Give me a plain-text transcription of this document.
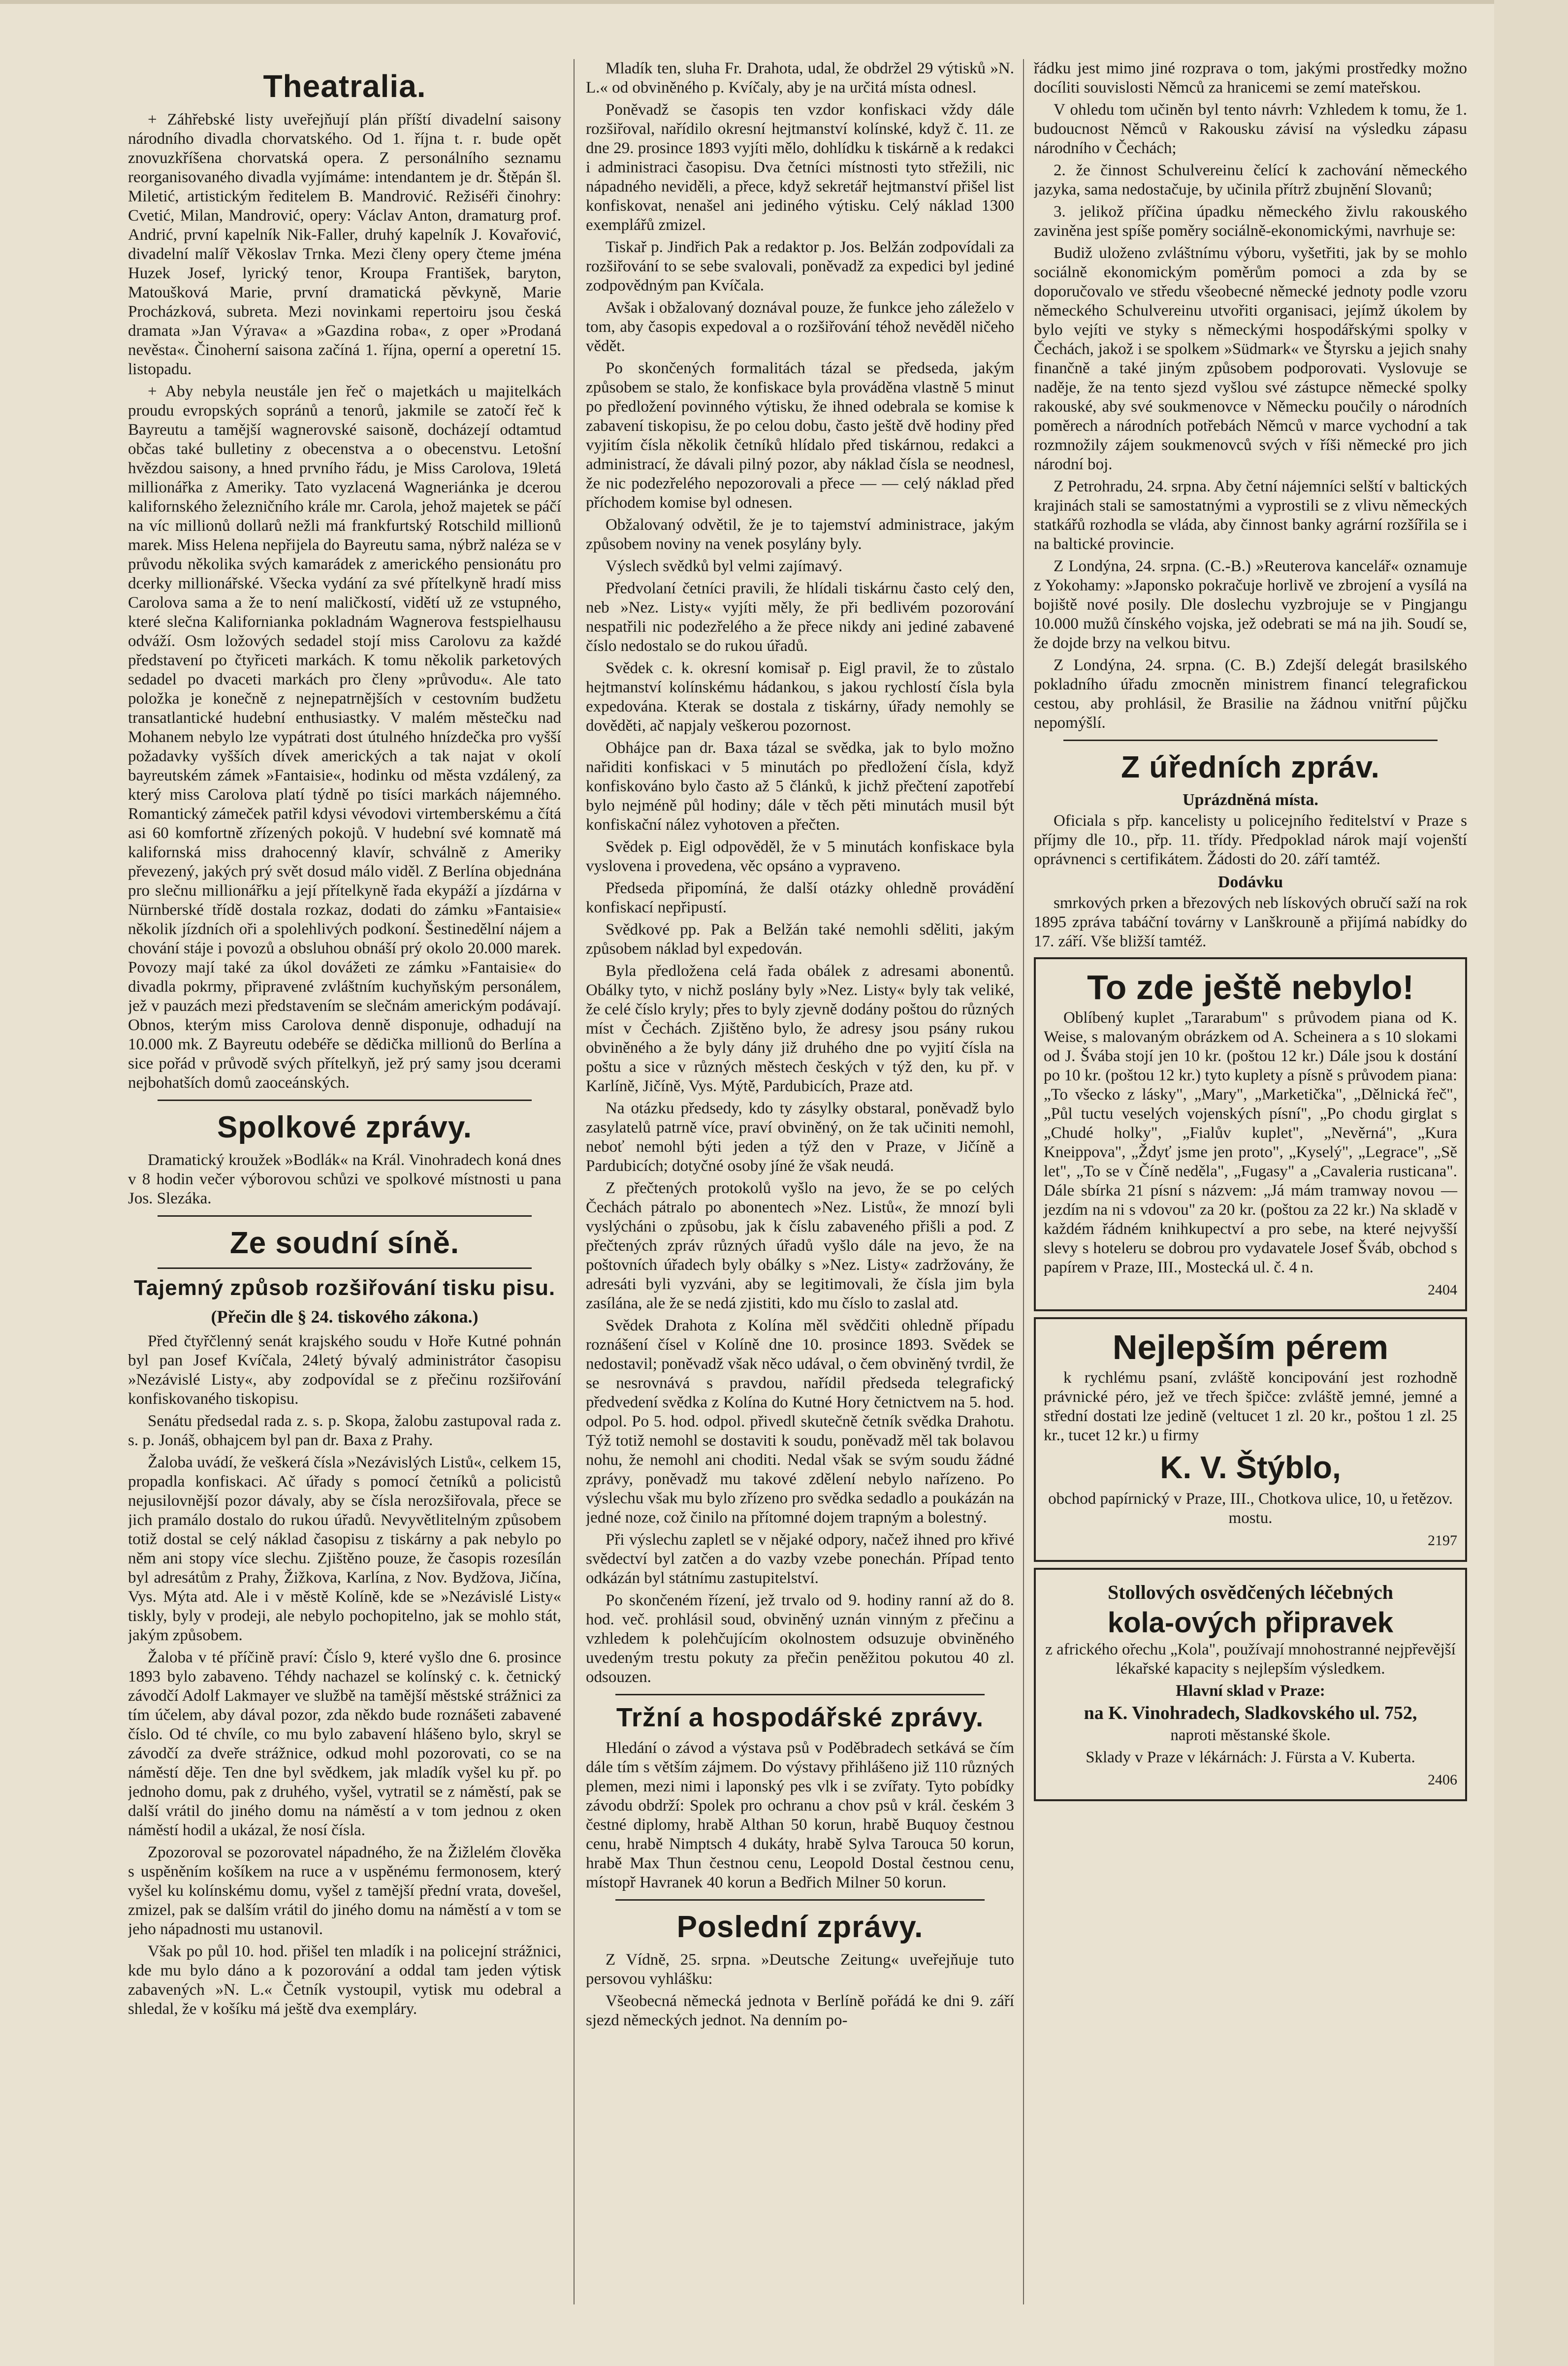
Theatralia.

+ Záhřebské listy uveřejňují plán příští divadelní saisony národního divadla chorvatského. Od 1. října t. r. bude opět znovuzkříšena chorvatská opera. Z personálního seznamu reorganisovaného divadla vyjímáme: intendantem je dr. Štěpán šl. Miletić, artistickým ředitelem B. Mandrović. Režiséři činohry: Cvetić, Milan, Mandrović, opery: Václav Anton, dramaturg prof. Andrić, první kapelník Nik-Faller, druhý kapelník J. Kovařović, divadelní malíř Věkoslav Trnka. Mezi členy opery čteme jména Huzek Josef, lyrický tenor, Kroupa František, baryton, Matoušková Marie, první dramatická pěvkyně, Marie Procházková, subreta. Mezi novinkami repertoiru jsou česká dramata »Jan Výrava« a »Gazdina roba«, z oper »Prodaná nevěsta«. Činoherní saisona začíná 1. října, operní a operetní 15. listopadu.

+ Aby nebyla neustále jen řeč o majetkách u majitelkách proudu evropských sopránů a tenorů, jakmile se zatočí řeč k Bayreutu a tamější wagnerovské saisoně, docházejí odtamtud občas také bulletiny z obecenstva a o obecenstvu. Letošní hvězdou saisony, a hned prvního řádu, je Miss Carolova, 19letá millionářka z Ameriky. Tato vyzlacená Wagneriánka je dcerou kalifornského železničního krále mr. Carola, jehož majetek se páčí na víc millionů dollarů nežli má frankfurtský Rotschild millionů marek. Miss Helena nepřijela do Bayreutu sama, nýbrž naléza se v průvodu několika svých kamarádek z amerického pensionátu pro dcerky millionářské. Všecka vydání za své přítelkyně hradí miss Carolova sama a že to není maličkostí, vidětí už ze vstupného, které slečna Kalifornianka pokladnám Wagnerova festspielhausu odváží. Osm ložových sedadel stojí miss Carolovu za každé představení po čtyřiceti markách. K tomu několik parketových sedadel po dvaceti markách pro členy »průvodu«. Ale tato položka je konečně z nejnepatrnějších v cestovním budžetu transatlantické hudební enthusiastky. V malém městečku nad Mohanem nebylo lze vypátrati dost útulného hnízdečka pro vyšší požadavky vyšších dívek amerických a tak najat v okolí bayreutském zámek »Fantaisie«, hodinku od města vzdálený, za který miss Carolova platí týdně po tisíci markách nájemného. Romantický zámeček patřil kdysi vévodovi virtemberskému a čítá asi 60 komfortně zřízených pokojů. V hudební své komnatě má kalifornská miss drahocenný klavír, schválně z Ameriky převezený, jakých prý svět dosud málo viděl. Z Berlína objednána pro slečnu millionářku a její přítelkyně řada ekypáží a jízdárna v Nürnberské třídě dostala rozkaz, dodati do zámku »Fantaisie« několik jízdních oři a spolehlivých podkoní. Šestinedělní nájem a chování stáje i povozů a obsluhou obnáší prý okolo 20.000 marek. Povozy mají také za úkol dovážeti ze zámku »Fantaisie« do divadla pokrmy, připravené zvláštním kuchyňským personálem, jež v pauzách mezi představením se slečnám americkým podávají. Obnos, kterým miss Carolova denně disponuje, odhadují na 10.000 mk. Z Bayreutu odebéře se dědička millionů do Berlína a sice pořád v průvodě svých přítelkyň, jež prý samy jsou dcerami nejbohatších domů zaoceánských.

Spolkové zprávy.

Dramatický kroužek »Bodlák« na Král. Vinohradech koná dnes v 8 hodin večer výborovou schůzi ve spolkové místnosti u pana Jos. Slezáka.

Ze soudní síně.
Tajemný způsob rozšiřování tisku pisu.
(Přečin dle § 24. tiskového zákona.)

Před čtyřčlenný senát krajského soudu v Hoře Kutné pohnán byl pan Josef Kvíčala, 24letý bývalý administrátor časopisu »Nezávislé Listy«, aby zodpovídal se z přečinu rozšiřování konfiskovaného tiskopisu.

Senátu předsedal rada z. s. p. Skopa, žalobu zastupoval rada z. s. p. Jonáš, obhajcem byl pan dr. Baxa z Prahy.

Žaloba uvádí, že veškerá čísla »Nezávislých Listů«, celkem 15, propadla konfiskaci. Ač úřady s pomocí četníků a policistů nejusilovnější pozor dávaly, aby se čísla nerozšiřovala, přece se jich pramálo dostalo do rukou úřadů. Nevyvětlitelným způsobem totiž dostal se celý náklad časopisu z tiskárny a pak nebylo po něm ani stopy více slechu. Zjištěno pouze, že časopis rozesílán byl adresátům z Prahy, Žižkova, Karlína, z Nov. Bydžova, Jičína, Vys. Mýta atd. Ale i v městě Kolíně, kde se »Nezávislé Listy« tiskly, byly v prodeji, ale nebylo pochopitelno, jak se mohlo stát, jakým způsobem.

Žaloba v té příčině praví: Číslo 9, které vyšlo dne 6. prosince 1893 bylo zabaveno. Téhdy nachazel se kolínský c. k. četnický závodčí Adolf Lakmayer ve službě na tamější městské strážnici za tím účelem, aby dával pozor, zda někdo bude roznášeti zabavené číslo. Od té chvíle, co mu bylo zabavení hlášeno bylo, skryl se závodčí za dveře strážnice, odkud mohl pozorovati, co se na náměstí děje. Ten dne byl svědkem, jak mladík vyšel ku př. po jednoho domu, pak z druhého, vyšel, vytratil se z náměstí, pak se další vrátil do jiného domu na náměstí a v tom jednou z oken náměstí hodil a ukázal, že nosí čísla.

Zpozoroval se pozorovatel nápadného, že na Žižlelém člověka s uspěněním košíkem na ruce a v uspěnému fermonosem, který vyšel ku kolínskému domu, vyšel z tamější přední vrata, dovešel, zmizel, pak se dalším vrátil do jiného domu na náměstí a v tom se jeho nápadnosti mu ustanovil.

Však po půl 10. hod. přišel ten mladík i na policejní strážnici, kde mu bylo dáno a k pozorování a oddal tam jeden výtisk zabavených »N. L.« Četník vystoupil, vytisk mu odebral a shledal, že v košíku má ještě dva exempláry.

Mladík ten, sluha Fr. Drahota, udal, že obdržel 29 výtisků »N. L.« od obviněného p. Kvíčaly, aby je na určitá místa odnesl.

Poněvadž se časopis ten vzdor konfiskaci vždy dále rozšiřoval, nařídilo okresní hejtmanství kolínské, když č. 11. ze dne 29. prosince 1893 vyjíti mělo, dohlídku k tiskárně a k redakci i administraci časopisu. Dva četníci místnosti tyto střežili, nic nápadného neviděli, a přece, když sekretář hejtmanství přišel list konfiskovat, nenašel ani jediného výtisku. Celý náklad 1300 exemplářů zmizel.

Tiskař p. Jindřich Pak a redaktor p. Jos. Belžán zodpovídali za rozšiřování to se sebe svalovali, poněvadž za expedici byl jediné zodpovědným pan Kvíčala.

Avšak i obžalovaný doznával pouze, že funkce jeho záleželo v tom, aby časopis expedoval a o rozšiřování téhož nevěděl ničeho vědět.

Po skončených formalitách tázal se předseda, jakým způsobem se stalo, že konfiskace byla prováděna vlastně 5 minut po předložení povinného výtisku, že ihned odebrala se komise k zabavení tiskopisu, že po celou dobu, často ještě dvě hodiny před vyjitím čísla několik četníků hlídalo před tiskárnou, redakci a administrací, že dávali pilný pozor, aby náklad čísla se neodnesl, že nic podezřelého nepozorovali a přece — — celý náklad před příchodem komise byl odnesen.

Obžalovaný odvětil, že je to tajemství administrace, jakým způsobem noviny na venek posylány byly.

Výslech svědků byl velmi zajímavý.

Předvolaní četníci pravili, že hlídali tiskárnu často celý den, neb »Nez. Listy« vyjíti měly, že při bedlivém pozorování nespatřili nic podezřelého a že přece nikdy ani jediné zabavené číslo nedostalo se do rukou úřadů.

Svědek c. k. okresní komisař p. Eigl pravil, že to zůstalo hejtmanství kolínskému hádankou, s jakou rychlostí čísla byla expedována. Kterak se dostala z tiskárny, úřady nemohly se dověděti, ač napjaly veškerou pozornost.

Obhájce pan dr. Baxa tázal se svědka, jak to bylo možno nařiditi konfiskaci v 5 minutách po předložení čísla, když konfiskováno bylo často až 5 článků, k jichž přečtení zapotřebí bylo nejméně půl hodiny; dále v těch pěti minutách musil být konfiskační nález vyhotoven a přečten.

Svědek p. Eigl odpověděl, že v 5 minutách konfiskace byla vyslovena i provedena, věc opsáno a vypraveno.

Předseda připomíná, že další otázky ohledně provádění konfiskací nepřipustí.

Svědkové pp. Pak a Belžán také nemohli sděliti, jakým způsobem náklad byl expedován.

Byla předložena celá řada obálek z adresami abonentů. Obálky tyto, v nichž poslány byly »Nez. Listy« byly tak veliké, že celé číslo kryly; přes to byly zjevně dodány poštou do různých míst v Čechách. Zjištěno bylo, že adresy jsou psány rukou obviněného a že byly dány již druhého dne po vyjití čísla na poštu a sice v různých městech českých v týž den, ku př. v Karlíně, Jičíně, Vys. Mýtě, Pardubicích, Praze atd.

Na otázku předsedy, kdo ty zásylky obstaral, poněvadž bylo zasylatelů patrně více, praví obviněný, on že tak učiniti nemohl, neboť nemohl býti jeden a týž den v Praze, v Jičíně a Pardubicích; dotyčné osoby jíné že však neudá.

Z přečtených protokolů vyšlo na jevo, že se po celých Čechách pátralo po abonentech »Nez. Listů«, že mnozí byli vyslýcháni o způsobu, jak k číslu zabaveného přišli a pod. Z přečtených zpráv různých úřadů vyšlo dále na jevo, že na poštovních úřadech byly obálky s »Nez. Listy« zadržovány, že adresáti byli vyzváni, aby se legitimovali, že čísla jim byla zasílána, ale že se nedá zjistiti, kdo mu číslo to zaslal atd.

Svědek Drahota z Kolína měl svědčiti ohledně případu roznášení čísel v Kolíně dne 10. prosince 1893. Svědek se nedostavil; poněvadž však něco udával, o čem obviněný tvrdil, že se nesrovnává s pravdou, nařídil předseda telegrafický předvedení svědka z Kolína do Kutné Hory četnictvem na 5. hod. odpol. Po 5. hod. odpol. přivedl skutečně četník svědka Drahotu. Týž totiž nemohl se dostaviti k soudu, poněvadž měl tak bolavou nohu, že nemohl ani choditi. Nedal však se svým soudu žádné zprávy, poněvadž mu takové zdělení nebylo nařízeno. Po výslechu však mu bylo zřízeno pro svědka sedadlo a poukázán na jedné noze, což činilo na přítomné dojem trapným a bolestný.

Při výslechu zapletl se v nějaké odpory, načež ihned pro křivé svědectví byl zatčen a do vazby vzebe ponechán. Případ tento odkázán byl státnímu zastupitelství.

Po skončeném řízení, jež trvalo od 9. hodiny ranní až do 8. hod. več. prohlásil soud, obviněný uznán vinným z přečinu a vzhledem k polehčujícím okolnostem odsuzuje obviněného uvedeným trestu pokuty za přečin peněžitou pokutou 40 zl. odsouzen.

Tržní a hospodářské zprávy.

Hledání o závod a výstava psů v Poděbradech setkává se čím dále tím s větším zájmem. Do výstavy přihlášeno již 110 různých plemen, mezi nimi i laponský pes vlk i se zvířaty. Tyto pobídky závodu obdrží: Spolek pro ochranu a chov psů v král. českém 3 čestné diplomy, hrabě Althan 50 korun, hrabě Buquoy čestnou cenu, hrabě Nimptsch 4 dukáty, hrabě Sylva Tarouca 50 korun, hrabě Max Thun čestnou cenu, Leopold Dostal čestnou cenu, místopř Havranek 40 korun a Bedřich Milner 50 korun.

Poslední zprávy.

Z Vídně, 25. srpna. »Deutsche Zeitung« uveřejňuje tuto persovou vyhlášku:

Všeobecná německá jednota v Berlíně pořádá ke dni 9. září sjezd německých jednot. Na denním po-

řádku jest mimo jiné rozprava o tom, jakými prostředky možno docíliti souvislosti Němců za hranicemi se zemí mateřskou.

V ohledu tom učiněn byl tento návrh: Vzhledem k tomu, že 1. budoucnost Němců v Rakousku závisí na výsledku zápasu národního v Čechách;

2. že činnost Schulvereinu čelící k zachování německého jazyka, sama nedostačuje, by učinila přítrž zbujnění Slovanů;

3. jelikož příčina úpadku německého živlu rakouského zaviněna jest spíše poměry sociálně-ekonomickými, navrhuje se:

Budiž uloženo zvláštnímu výboru, vyšetřiti, jak by se mohlo sociálně ekonomickým poměrům pomoci a zda by se doporučovalo ve středu všeobecné německé jednoty podle vzoru německého Schulvereinu utvořiti organisaci, jejímž úkolem by bylo vejíti ve styky s německými hospodářskými spolky v Čechách, jakož i se spolkem »Südmark« ve Štyrsku a jejich snahy finančně a také jiným způsobem podporovati. Vyslovuje se naděje, že na tento sjezd vyšlou své zástupce německé spolky rakouské, aby své soukmenovce v Německu poučily o národních poměrech a národních potřebách Němců v marce vychodní a tak rozmnožily zájem soukmenovců svých v říši německé pro jich národní boj.

Z Petrohradu, 24. srpna. Aby četní nájemníci selští v baltických krajinách stali se samostatnými a vyprostili se z vlivu německých statkářů rozhodla se vláda, aby činnost banky agrární rozšířila se i na baltické provincie.

Z Londýna, 24. srpna. (C.-B.) »Reuterova kancelář« oznamuje z Yokohamy: »Japonsko pokračuje horlivě ve zbrojení a vysílá na bojiště nové posily. Dle doslechu vyzbrojuje se v Pingjangu 10.000 mužů čínského vojska, jež odebrati se má na jih. Soudí se, že dojde brzy na velkou bitvu.

Z Londýna, 24. srpna. (C. B.) Zdejší delegát brasilského pokladního úřadu zmocněn ministrem financí telegrafickou cestou, aby prohlásil, že Brasilie na žádnou vnitřní půjčku nepomýšlí.

Z úředních zpráv.
Uprázdněná místa.

Oficiala s přp. kancelisty u policejního ředitelství v Praze s příjmy dle 10., přp. 11. třídy. Předpoklad nárok mají vojenští oprávnenci s certifikátem. Žádosti do 20. září tamtéž.

Dodávku

smrkových prken a březových neb lískových obručí saží na rok 1895 zpráva tabáční továrny v Lanškrouně a přijímá nabídky do 17. září. Vše bližší tamtéž.

To zde ještě nebylo!

Oblíbený kuplet „Tararabum" s průvodem piana od K. Weise, s malovaným obrázkem od A. Scheinera a s 10 slokami od J. Švába stojí jen 10 kr. (poštou 12 kr.) Dále jsou k dostání po 10 kr. (poštou 12 kr.) tyto kuplety a písně s průvodem piana: „To všecko z lásky", „Mary", „Marketička", „Dělnická řeč", „Půl tuctu veselých vojenských písní", „Po chodu girglat s „Chudé holky", „Fialův kuplet", „Nevěrná", „Kura Kneippova", „Ždyť jsme jen proto", „Kyselý", „Legrace", „Sě let", „To se v Číně neděla", „Fugasy" a „Cavaleria rusticana". Dále sbírka 21 písní s názvem: „Já mám tramway novou — jezdím na ni s vdovou" za 20 kr. (poštou za 22 kr.) Na skladě v každém řádném knihkupectví a pro sebe, na které nejvyšší slevy s hoteleru se dobrou pro vydavatele Josef Šváb, obchod s papírem v Praze, III., Mostecká ul. č. 4 n.

2404

Nejlepším pérem

k rychlému psaní, zvláště koncipování jest rozhodně právnické péro, jež ve třech špičce: zvláště jemné, jemné a střední dostati lze jedině (veltucet 1 zl. 20 kr., poštou 1 zl. 25 kr., tucet 12 kr.) u firmy

K. V. Štýblo,

obchod papírnický v Praze, III., Chotkova ulice, 10, u řetězov. mostu.

2197

Stollových osvědčených léčebných
kola-ových připravek

z afrického ořechu „Kola", používají mnohostranné nejpřevější lékařské kapacity s nejlepším výsledkem.

Hlavní sklad v Praze:

na K. Vinohradech, Sladkovského ul. 752,

naproti městanské škole.

Sklady v Praze v lékárnách: J. Fürsta a V. Kuberta.

2406
